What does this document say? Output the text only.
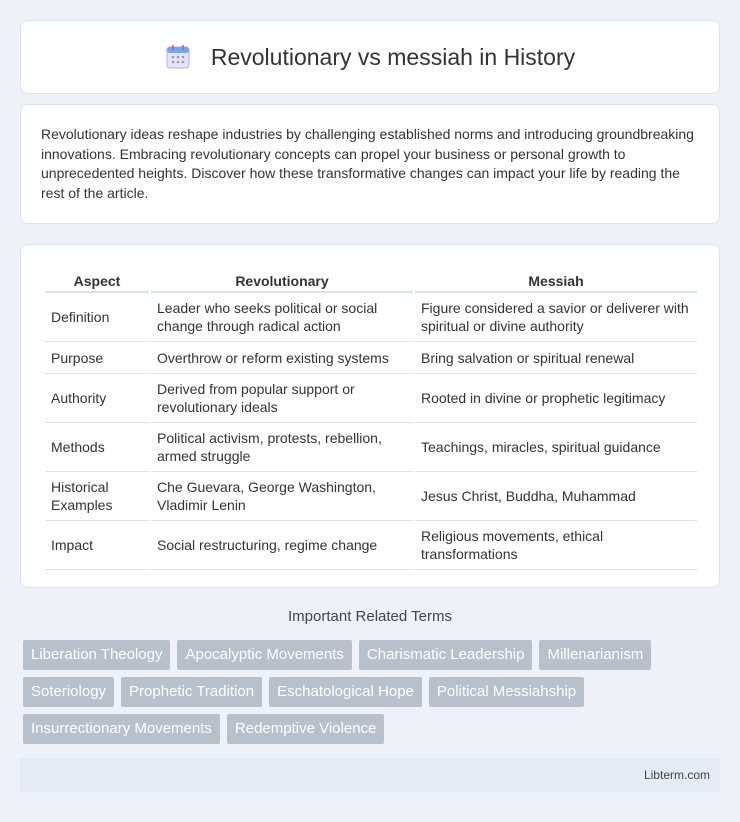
Revolutionary vs messiah in History

Revolutionary ideas reshape industries by challenging established norms and introducing groundbreaking innovations. Embracing revolutionary concepts can propel your business or personal growth to unprecedented heights. Discover how these transformative changes can impact your life by reading the rest of the article.

Aspect	Revolutionary	Messiah
Definition	Leader who seeks political or social change through radical action	Figure considered a savior or deliverer with spiritual or divine authority
Purpose	Overthrow or reform existing systems	Bring salvation or spiritual renewal
Authority	Derived from popular support or revolutionary ideals	Rooted in divine or prophetic legitimacy
Methods	Political activism, protests, rebellion, armed struggle	Teachings, miracles, spiritual guidance
Historical Examples	Che Guevara, George Washington, Vladimir Lenin	Jesus Christ, Buddha, Muhammad
Impact	Social restructuring, regime change	Religious movements, ethical transformations
Important Related Terms
Liberation Theology	Apocalyptic Movements	Charismatic Leadership	Millenarianism
Soteriology	Prophetic Tradition	Eschatological Hope	Political Messiahship
Insurrectionary Movements	Redemptive Violence
Libterm.com
